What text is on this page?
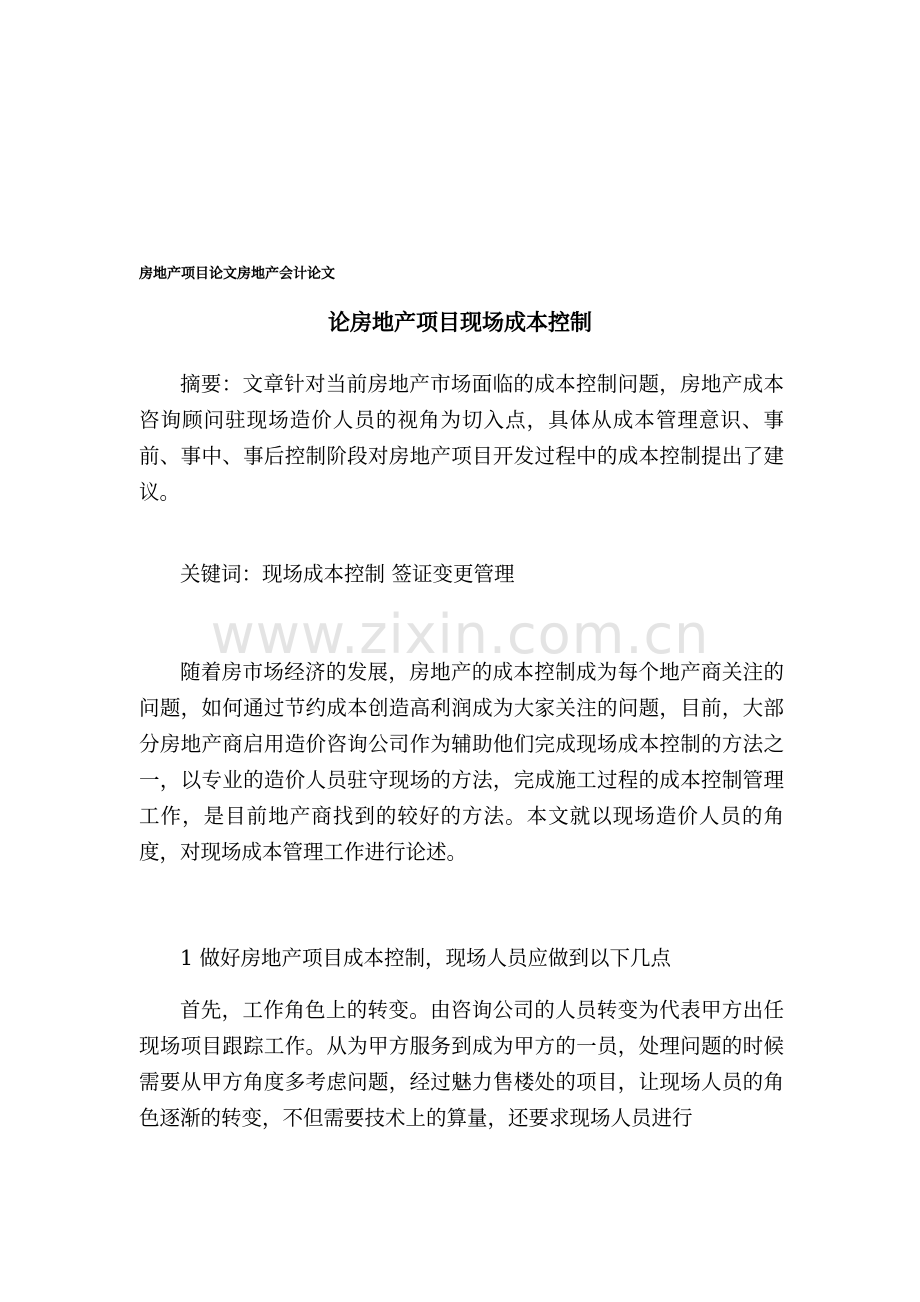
房地产项目论文房地产会计论文
论房地产项目现场成本控制

摘要：文章针对当前房地产市场面临的成本控制问题，房地产成本咨询顾问驻现场造价人员的视角为切入点，具体从成本管理意识、事前、事中、事后控制阶段对房地产项目开发过程中的成本控制提出了建议。

关键词：现场成本控制 签证变更管理

www.zixin.com.cn

随着房市场经济的发展，房地产的成本控制成为每个地产商关注的问题，如何通过节约成本创造高利润成为大家关注的问题，目前，大部分房地产商启用造价咨询公司作为辅助他们完成现场成本控制的方法之一，以专业的造价人员驻守现场的方法，完成施工过程的成本控制管理工作，是目前地产商找到的较好的方法。本文就以现场造价人员的角度，对现场成本管理工作进行论述。

1 做好房地产项目成本控制，现场人员应做到以下几点

首先，工作角色上的转变。由咨询公司的人员转变为代表甲方出任现场项目跟踪工作。从为甲方服务到成为甲方的一员，处理问题的时候需要从甲方角度多考虑问题，经过魅力售楼处的项目，让现场人员的角色逐渐的转变，不但需要技术上的算量，还要求现场人员进行
